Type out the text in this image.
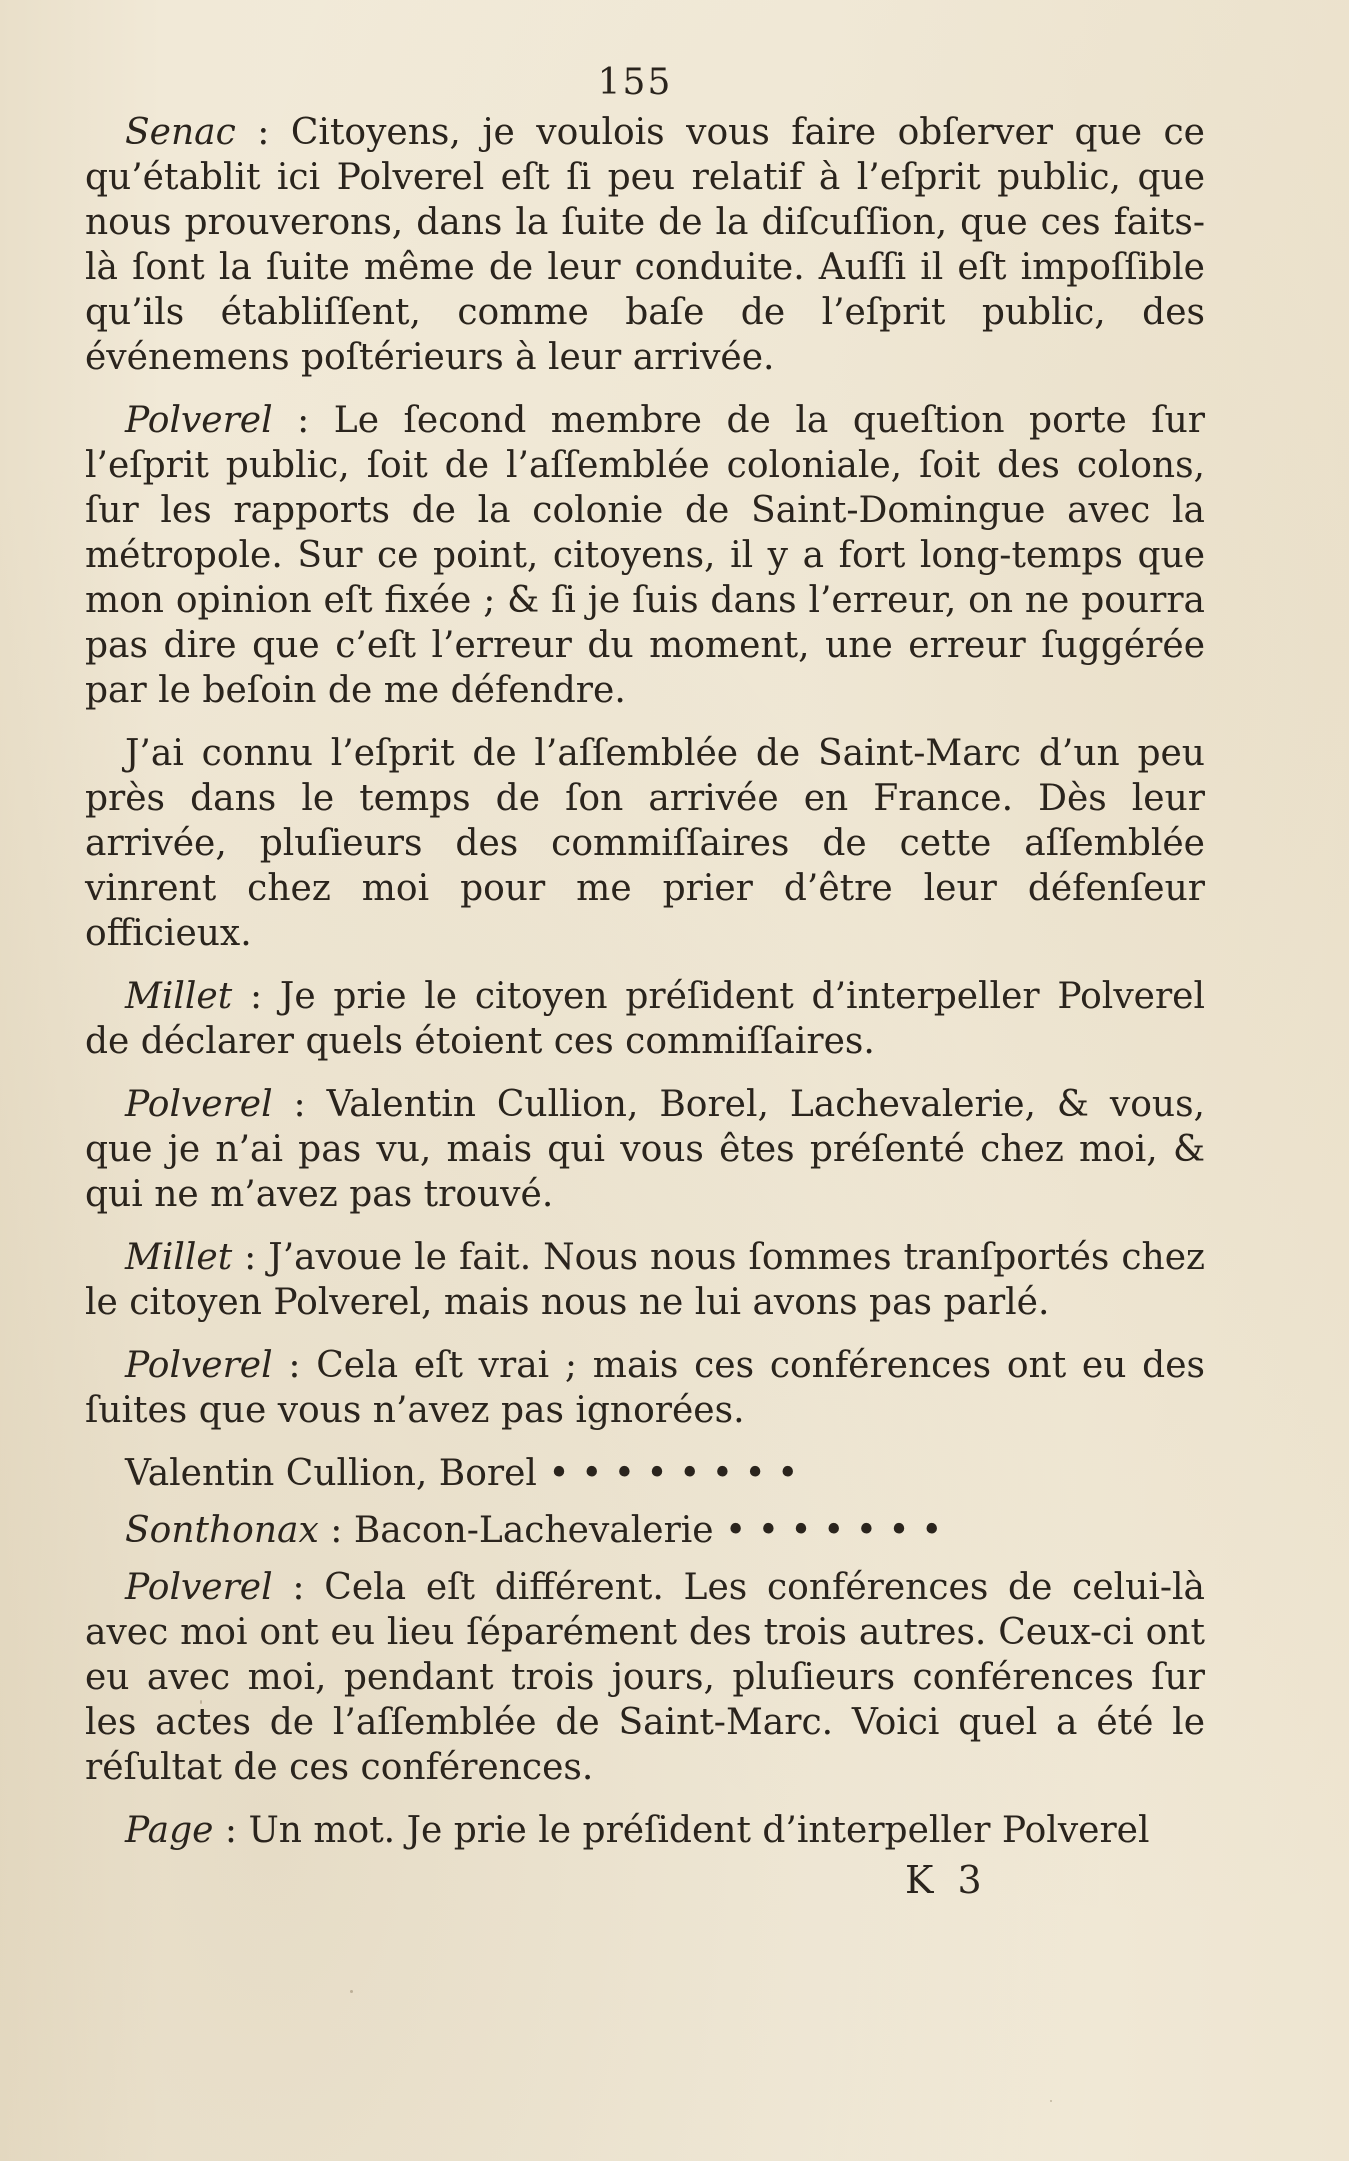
155

Senac : Citoyens, je voulois vous faire obſerver que ce qu’établit ici Polverel eſt ſi peu relatif à l’eſprit public, que nous prouverons, dans la ſuite de la diſcuſſion, que ces faits-là ſont la ſuite même de leur conduite. Auſſi il eſt impoſſible qu’ils établiſſent, comme baſe de l’eſprit public, des événemens poſtérieurs à leur arrivée.

Polverel : Le ſecond membre de la queſtion porte ſur l’eſprit public, ſoit de l’aſſemblée coloniale, ſoit des colons, ſur les rapports de la colonie de Saint-Domingue avec la métropole. Sur ce point, citoyens, il y a fort long-temps que mon opinion eſt fixée ; & ſi je ſuis dans l’erreur, on ne pourra pas dire que c’eſt l’erreur du moment, une erreur ſuggérée par le beſoin de me défendre.

J’ai connu l’eſprit de l’aſſemblée de Saint-Marc d’un peu près dans le temps de ſon arrivée en France. Dès leur arrivée, pluſieurs des commiſſaires de cette aſſemblée vinrent chez moi pour me prier d’être leur défenſeur officieux.

Millet : Je prie le citoyen préſident d’interpeller Polverel de déclarer quels étoient ces commiſſaires.

Polverel : Valentin Cullion, Borel, Lachevalerie, & vous, que je n’ai pas vu, mais qui vous êtes préſenté chez moi, & qui ne m’avez pas trouvé.

Millet : J’avoue le fait. Nous nous ſommes tranſportés chez le citoyen Polverel, mais nous ne lui avons pas parlé.

Polverel : Cela eſt vrai ; mais ces conférences ont eu des ſuites que vous n’avez pas ignorées.

Valentin Cullion, Borel • • • • • • • •

Sonthonax : Bacon-Lachevalerie • • • • • • •

Polverel : Cela eſt différent. Les conférences de celui-là avec moi ont eu lieu ſéparément des trois autres. Ceux-ci ont eu avec moi, pendant trois jours, pluſieurs conférences ſur les actes de l’aſſemblée de Saint-Marc. Voici quel a été le réſultat de ces conférences.

Page : Un mot. Je prie le préſident d’interpeller Polverel

K 3
